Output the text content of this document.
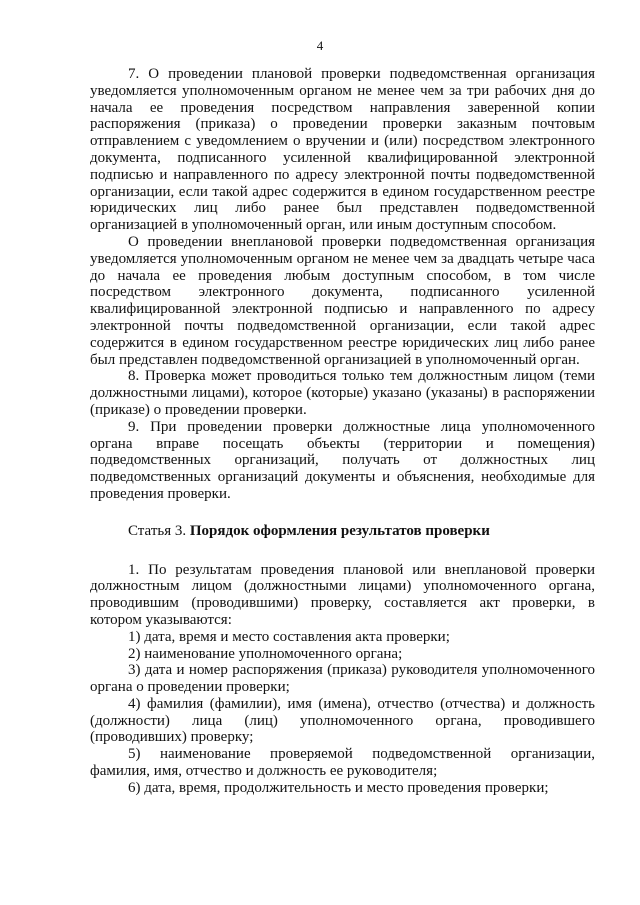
4

7. О проведении плановой проверки подведомственная организация уведомляется уполномоченным органом не менее чем за три рабочих дня до начала ее проведения посредством направления заверенной копии распоряжения (приказа) о проведении проверки заказным почтовым отправлением с уведомлением о вручении и (или) посредством электронного документа, подписанного усиленной квалифицированной электронной подписью и направленного по адресу электронной почты подведомственной организации, если такой адрес содержится в едином государственном реестре юридических лиц либо ранее был представлен подведомственной организацией в уполномоченный орган, или иным доступным способом.

О проведении внеплановой проверки подведомственная организация уведомляется уполномоченным органом не менее чем за двадцать четыре часа до начала ее проведения любым доступным способом, в том числе посредством электронного документа, подписанного усиленной квалифицированной электронной подписью и направленного по адресу электронной почты подведомственной организации, если такой адрес содержится в едином государственном реестре юридических лиц либо ранее был представлен подведомственной организацией в уполномоченный орган.

8. Проверка может проводиться только тем должностным лицом (теми должностными лицами), которое (которые) указано (указаны) в распоряжении (приказе) о проведении проверки.

9. При проведении проверки должностные лица уполномоченного органа вправе посещать объекты (территории и помещения) подведомственных организаций, получать от должностных лиц подведомственных организаций документы и объяснения, необходимые для проведения проверки.

Статья 3. Порядок оформления результатов проверки

1. По результатам проведения плановой или внеплановой проверки должностным лицом (должностными лицами) уполномоченного органа, проводившим (проводившими) проверку, составляется акт проверки, в котором указываются:

1) дата, время и место составления акта проверки;

2) наименование уполномоченного органа;

3) дата и номер распоряжения (приказа) руководителя уполномоченного органа о проведении проверки;

4) фамилия (фамилии), имя (имена), отчество (отчества) и должность (должности) лица (лиц) уполномоченного органа, проводившего (проводивших) проверку;

5) наименование проверяемой подведомственной организации, фамилия, имя, отчество и должность ее руководителя;

6) дата, время, продолжительность и место проведения проверки;
